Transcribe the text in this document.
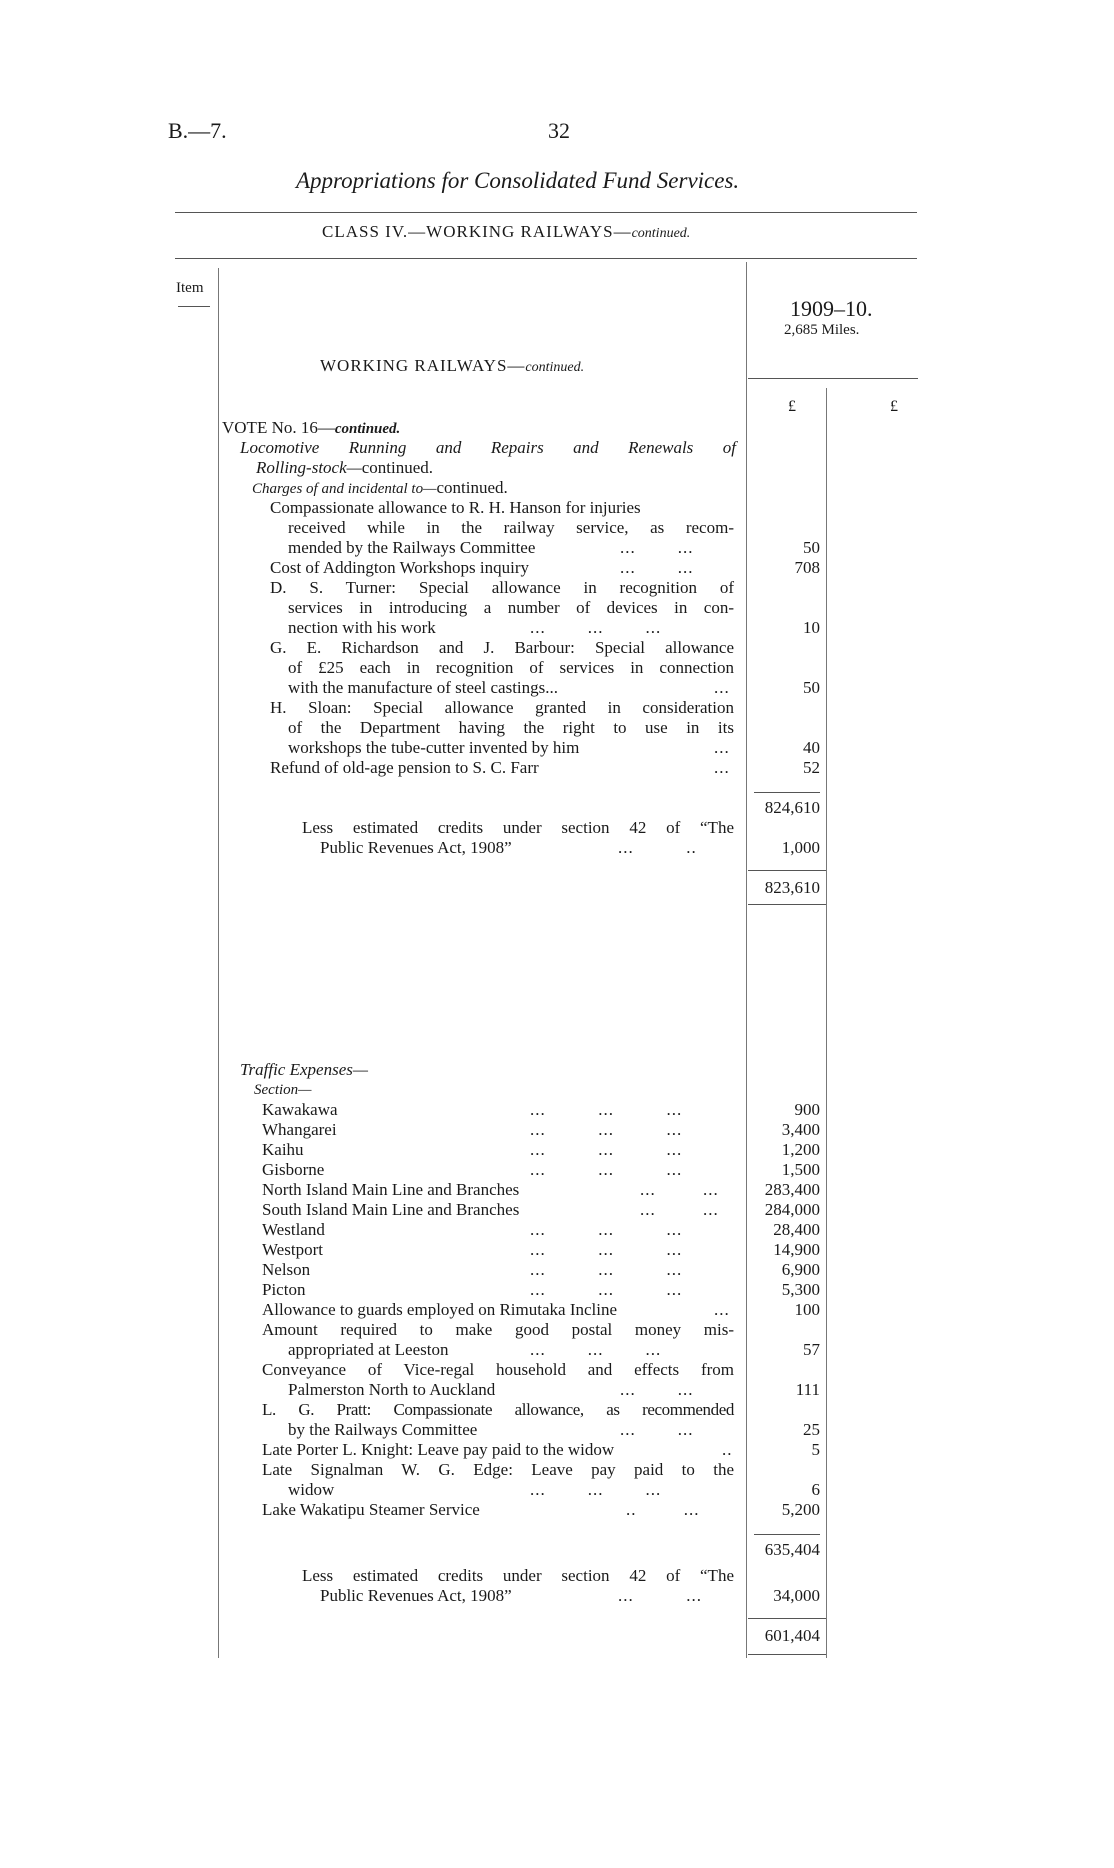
B.—7.	32
Appropriations for Consolidated Fund Services.
CLASS IV.—WORKING RAILWAYS—continued.
Item
1909–10.
2,685 Miles.
£	£
WORKING RAILWAYS—continued.
VOTE No. 16—continued.
Locomotive Running and Repairs and Renewals of
Rolling-stock—continued.
Charges of and incidental to—continued.
Compassionate allowance to R. H. Hanson for injuries
received while in the railway service, as recom-
mended by the Railways Committee	...        ...	50
Cost of Addington Workshops inquiry	...        ...	708
D. S. Turner: Special allowance in recognition of
services in introducing a number of devices in con-
nection with his work	...        ...        ...	10
G. E. Richardson and J. Barbour: Special allowance
of £25 each in recognition of services in connection
with the manufacture of steel castings...	...	50
H. Sloan: Special allowance granted in consideration
of the Department having the right to use in its
workshops the tube-cutter invented by him	...	40
Refund of old-age pension to S. C. Farr	...	52
824,610
Less estimated credits under section 42 of “The
Public Revenues Act, 1908”	...          ..	1,000
823,610
Traffic Expenses—
Section—
Kawakawa	...          ...          ...	900
Whangarei	...          ...          ...	3,400
Kaihu	...          ...          ...	1,200
Gisborne	...          ...          ...	1,500
North Island Main Line and Branches	...         ...	283,400
South Island Main Line and Branches	...         ...	284,000
Westland	...          ...          ...	28,400
Westport	...          ...          ...	14,900
Nelson	...          ...          ...	6,900
Picton	...          ...          ...	5,300
Allowance to guards employed on Rimutaka Incline	...	100
Amount required to make good postal money mis-
appropriated at Leeston	...        ...        ...	57
Conveyance of Vice-regal household and effects from
Palmerston North to Auckland	...        ...	111
L. G. Pratt: Compassionate allowance, as recommended
by the Railways Committee	...        ...	25
Late Porter L. Knight: Leave pay paid to the widow	..	5
Late Signalman W. G. Edge: Leave pay paid to the
widow	...        ...        ...	6
Lake Wakatipu Steamer Service	..         ...	5,200
635,404
Less estimated credits under section 42 of “The
Public Revenues Act, 1908”	...          ...	34,000
601,404
